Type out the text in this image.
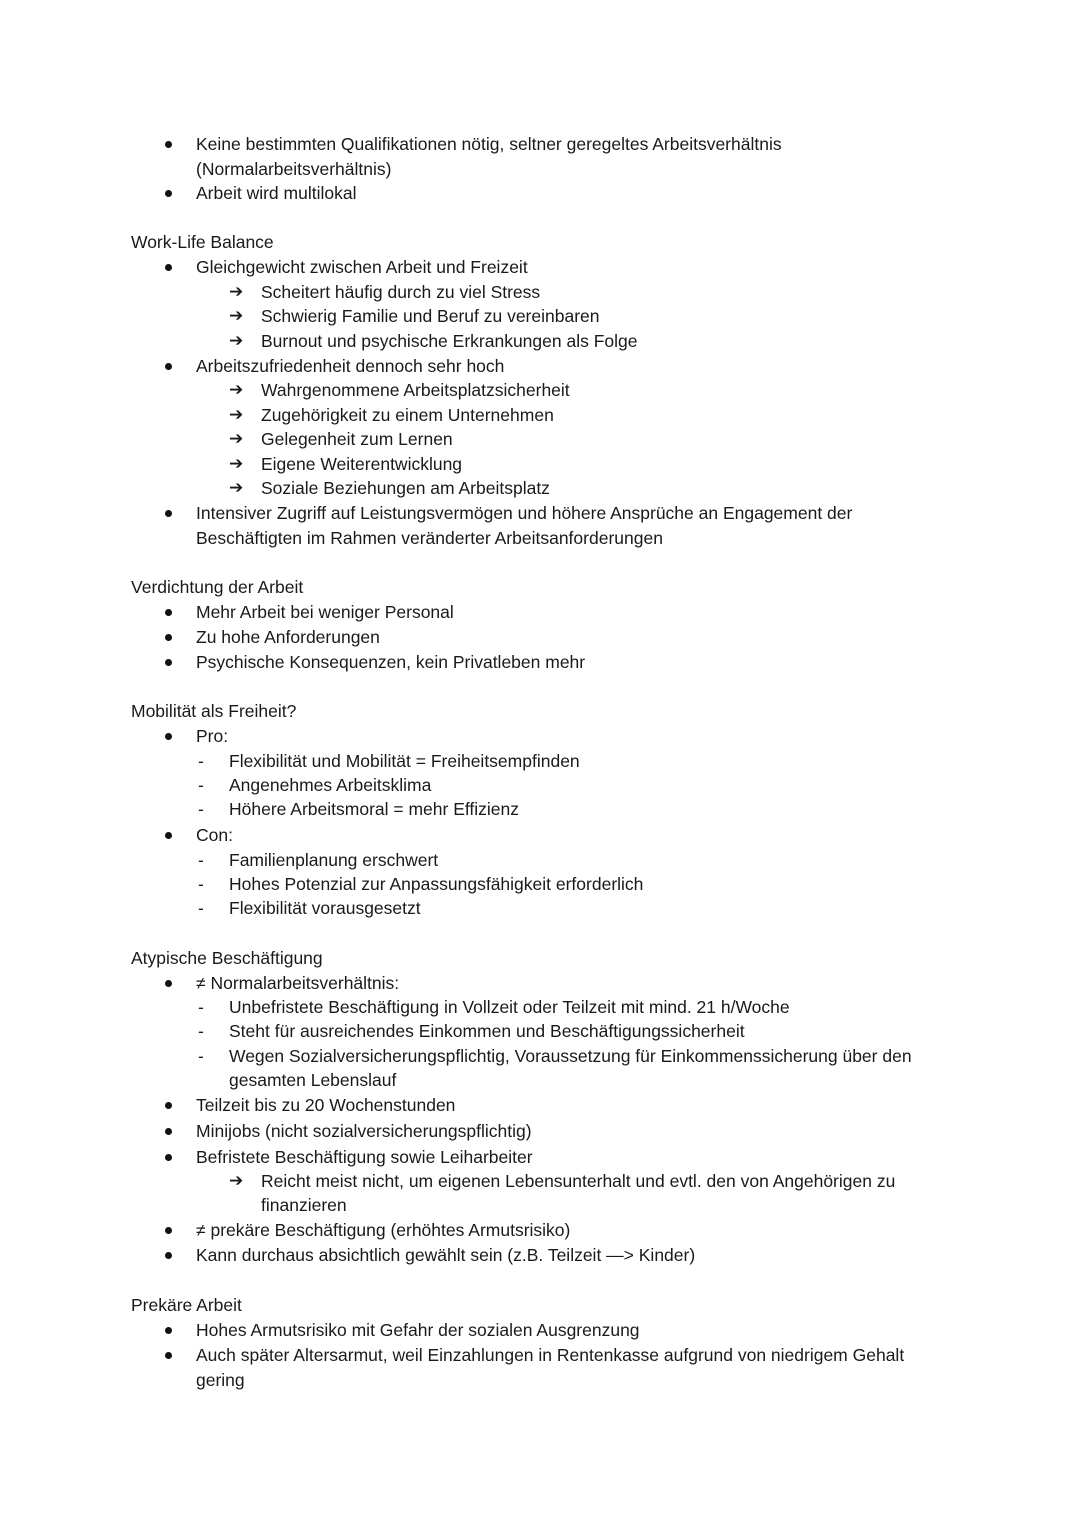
Keine bestimmten Qualifikationen nötig, seltner geregeltes Arbeitsverhältnis
(Normalarbeitsverhältnis)
Arbeit wird multilokal
Work-Life Balance
Gleichgewicht zwischen Arbeit und Freizeit
➔ Scheitert häufig durch zu viel Stress
➔ Schwierig Familie und Beruf zu vereinbaren
➔ Burnout und psychische Erkrankungen als Folge
Arbeitszufriedenheit dennoch sehr hoch
➔ Wahrgenommene Arbeitsplatzsicherheit
➔ Zugehörigkeit zu einem Unternehmen
➔ Gelegenheit zum Lernen
➔ Eigene Weiterentwicklung
➔ Soziale Beziehungen am Arbeitsplatz
Intensiver Zugriff auf Leistungsvermögen und höhere Ansprüche an Engagement der
Beschäftigten im Rahmen veränderter Arbeitsanforderungen
Verdichtung der Arbeit
Mehr Arbeit bei weniger Personal
Zu hohe Anforderungen
Psychische Konsequenzen, kein Privatleben mehr
Mobilität als Freiheit?
Pro:
- Flexibilität und Mobilität = Freiheitsempfinden
- Angenehmes Arbeitsklima
- Höhere Arbeitsmoral = mehr Effizienz
Con:
- Familienplanung erschwert
- Hohes Potenzial zur Anpassungsfähigkeit erforderlich
- Flexibilität vorausgesetzt
Atypische Beschäftigung
≠ Normalarbeitsverhältnis:
- Unbefristete Beschäftigung in Vollzeit oder Teilzeit mit mind. 21 h/Woche
- Steht für ausreichendes Einkommen und Beschäftigungssicherheit
- Wegen Sozialversicherungspflichtig, Voraussetzung für Einkommenssicherung über den
gesamten Lebenslauf
Teilzeit bis zu 20 Wochenstunden
Minijobs (nicht sozialversicherungspflichtig)
Befristete Beschäftigung sowie Leiharbeiter
➔ Reicht meist nicht, um eigenen Lebensunterhalt und evtl. den von Angehörigen zu
finanzieren
≠ prekäre Beschäftigung (erhöhtes Armutsrisiko)
Kann durchaus absichtlich gewählt sein (z.B. Teilzeit —> Kinder)
Prekäre Arbeit
Hohes Armutsrisiko mit Gefahr der sozialen Ausgrenzung
Auch später Altersarmut, weil Einzahlungen in Rentenkasse aufgrund von niedrigem Gehalt
gering
